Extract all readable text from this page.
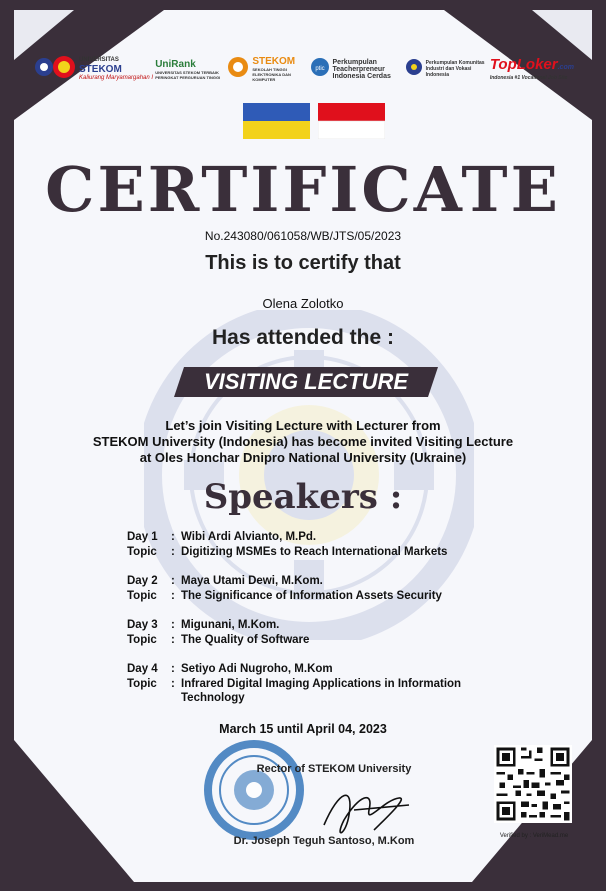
UNIVERSITAS
STEKOM
Kaliurang Maryamargahan I
UniRank
UNIVERSITAS STEKOM TERBAIK PERINGKAT PERGURUAN TINGGI
STEKOM
SEKOLAH TINGGI ELEKTRONIKA DAN KOMPUTER
ptic
Perkumpulan
Teacherpreneur Indonesia Cerdas
Perkumpulan Komunitas
Industri dan Vokasi Indonesia
TopLoker.com
Indonesia #1 Vocational Job Site
CERTIFICATE
No.243080/061058/WB/JTS/05/2023
This is to certify that
Olena Zolotko
Has attended the :
VISITING LECTURE
Let’s join Visiting Lecture with Lecturer from
STEKOM University (Indonesia) has become invited Visiting Lecture
at Oles Honchar Dnipro National University (Ukraine)
Speakers :
Day 1	: Wibi Ardi Alvianto, M.Pd.
Topic	: Digitizing MSMEs to Reach International Markets
Day 2	: Maya Utami Dewi, M.Kom.
Topic	: The Significance of Information Assets Security
Day 3	: Migunani, M.Kom.
Topic	: The Quality of Software
Day 4	: Setiyo Adi Nugroho, M.Kom
Topic	: Infrared Digital Imaging Applications in Information Technology
March 15 until April 04, 2023
Rector of STEKOM University
Dr. Joseph Teguh Santoso, M.Kom	Verified by : VeriMead.me
